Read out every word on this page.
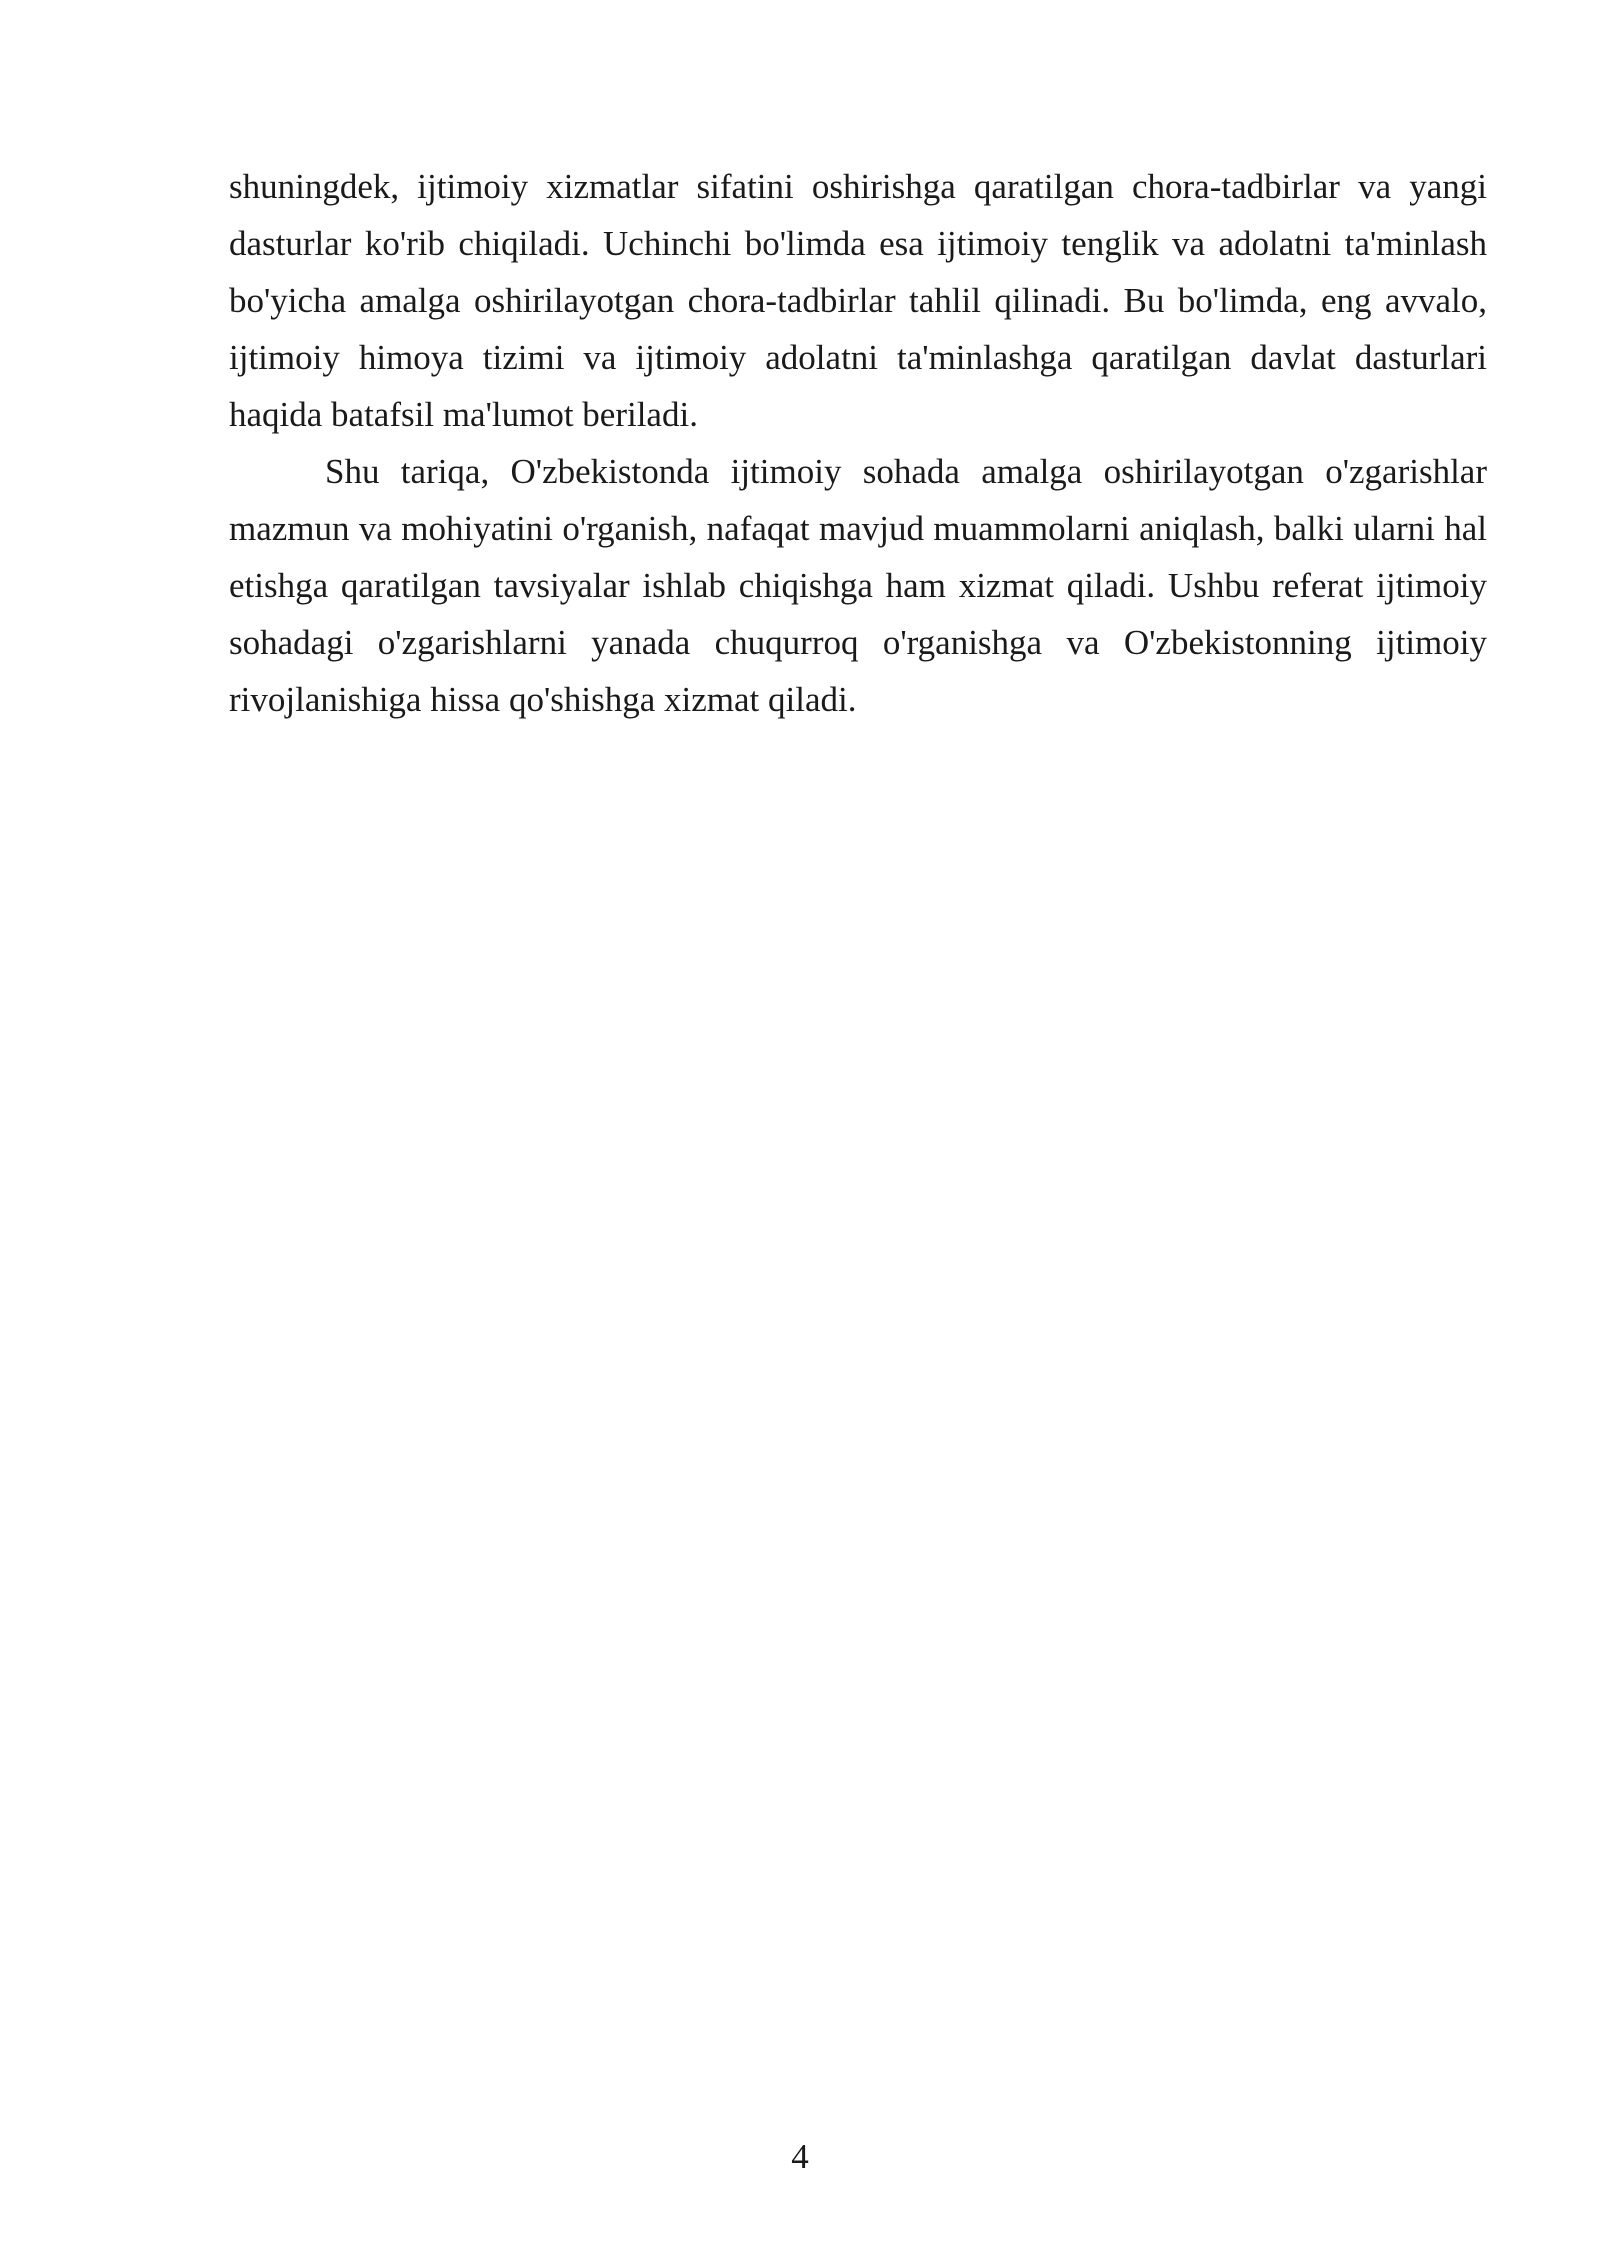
shuningdek, ijtimoiy xizmatlar sifatini oshirishga qaratilgan chora-tadbirlar va yangi dasturlar ko'rib chiqiladi. Uchinchi bo'limda esa ijtimoiy tenglik va adolatni ta'minlash bo'yicha amalga oshirilayotgan chora-tadbirlar tahlil qilinadi. Bu bo'limda, eng avvalo, ijtimoiy himoya tizimi va ijtimoiy adolatni ta'minlashga qaratilgan davlat dasturlari haqida batafsil ma'lumot beriladi.

Shu tariqa, O'zbekistonda ijtimoiy sohada amalga oshirilayotgan o'zgarishlar mazmun va mohiyatini o'rganish, nafaqat mavjud muammolarni aniqlash, balki ularni hal etishga qaratilgan tavsiyalar ishlab chiqishga ham xizmat qiladi. Ushbu referat ijtimoiy sohadagi o'zgarishlarni yanada chuqurroq o'rganishga va O'zbekistonning ijtimoiy rivojlanishiga hissa qo'shishga xizmat qiladi.

4
